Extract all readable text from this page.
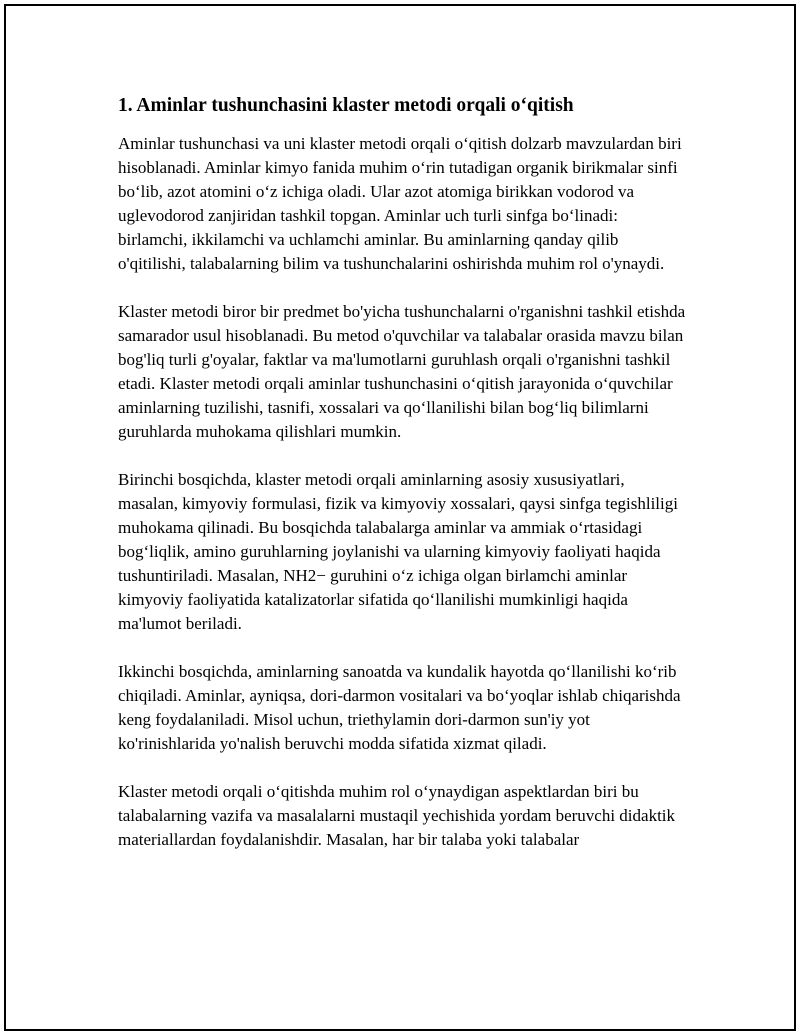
1. Aminlar tushunchasini klaster metodi orqali o‘qitish

Aminlar tushunchasi va uni klaster metodi orqali o‘qitish dolzarb mavzulardan biri hisoblanadi. Aminlar kimyo fanida muhim o‘rin tutadigan organik birikmalar sinfi bo‘lib, azot atomini o‘z ichiga oladi. Ular azot atomiga birikkan vodorod va uglevodorod zanjiridan tashkil topgan. Aminlar uch turli sinfga bo‘linadi: birlamchi, ikkilamchi va uchlamchi aminlar. Bu aminlarning qanday qilib o'qitilishi, talabalarning bilim va tushunchalarini oshirishda muhim rol o'ynaydi.

Klaster metodi biror bir predmet bo'yicha tushunchalarni o'rganishni tashkil etishda samarador usul hisoblanadi. Bu metod o'quvchilar va talabalar orasida mavzu bilan bog'liq turli g'oyalar, faktlar va ma'lumotlarni guruhlash orqali o'rganishni tashkil etadi. Klaster metodi orqali aminlar tushunchasini o‘qitish jarayonida o‘quvchilar aminlarning tuzilishi, tasnifi, xossalari va qo‘llanilishi bilan bog‘liq bilimlarni guruhlarda muhokama qilishlari mumkin.

Birinchi bosqichda, klaster metodi orqali aminlarning asosiy xususiyatlari, masalan, kimyoviy formulasi, fizik va kimyoviy xossalari, qaysi sinfga tegishliligi muhokama qilinadi. Bu bosqichda talabalarga aminlar va ammiak o‘rtasidagi bog‘liqlik, amino guruhlarning joylanishi va ularning kimyoviy faoliyati haqida tushuntiriladi. Masalan, NH2− guruhini o‘z ichiga olgan birlamchi aminlar kimyoviy faoliyatida katalizatorlar sifatida qo‘llanilishi mumkinligi haqida ma'lumot beriladi.

Ikkinchi bosqichda, aminlarning sanoatda va kundalik hayotda qo‘llanilishi ko‘rib chiqiladi. Aminlar, ayniqsa, dori-darmon vositalari va bo‘yoqlar ishlab chiqarishda keng foydalaniladi. Misol uchun, triethylamin dori-darmon sun'iy yot ko'rinishlarida yo'nalish beruvchi modda sifatida xizmat qiladi.

Klaster metodi orqali o‘qitishda muhim rol o‘ynaydigan aspektlardan biri bu talabalarning vazifa va masalalarni mustaqil yechishida yordam beruvchi didaktik materiallardan foydalanishdir. Masalan, har bir talaba yoki talabalar
